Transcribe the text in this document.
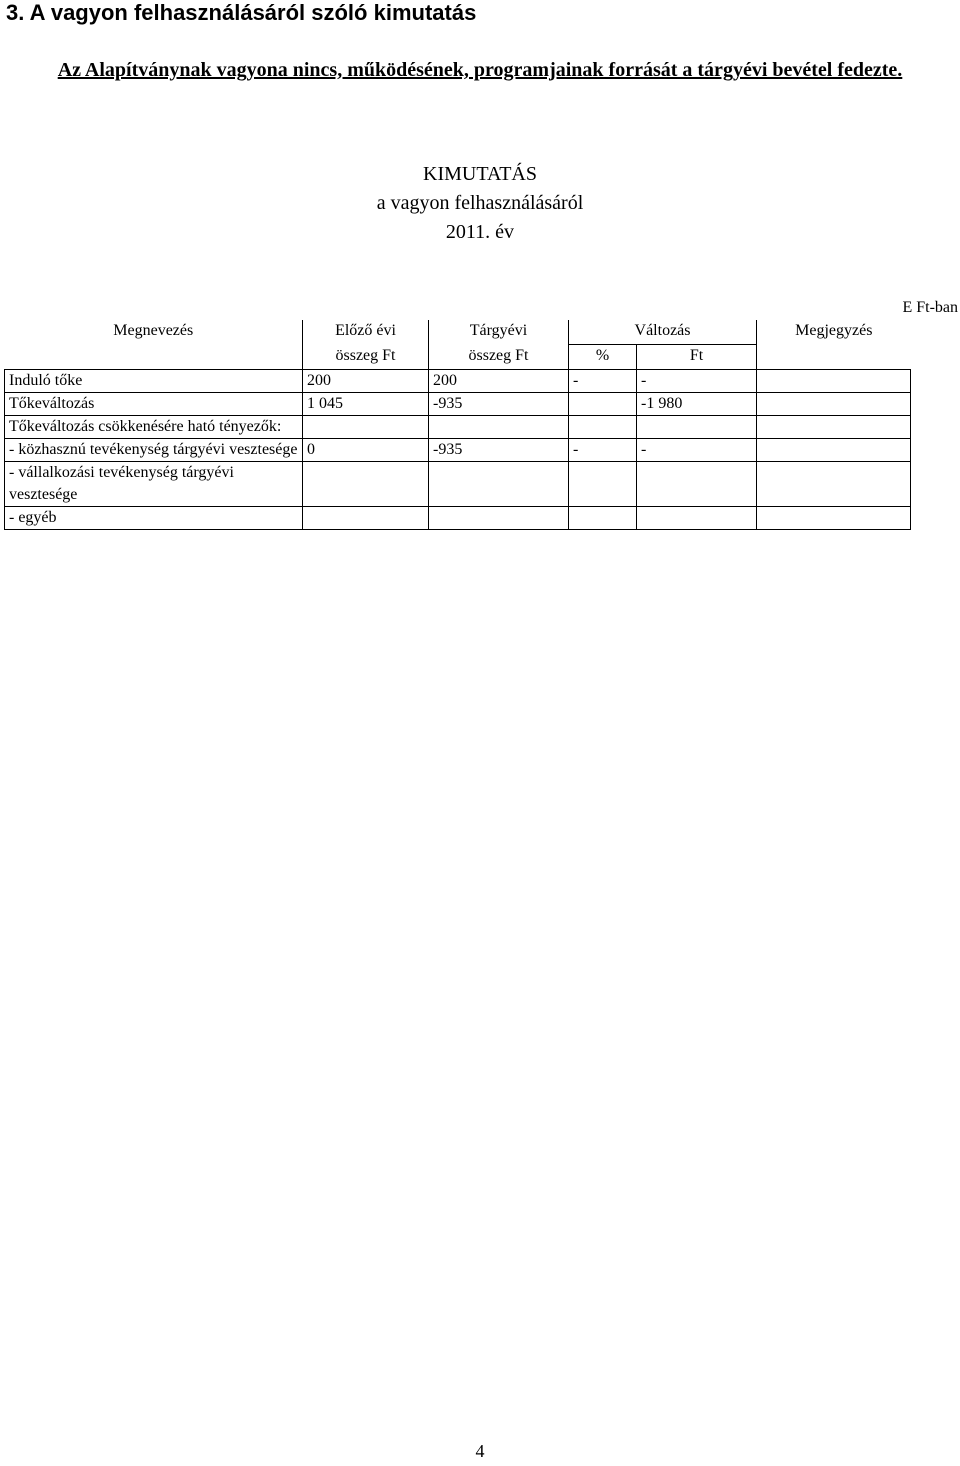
3. A vagyon felhasználásáról szóló kimutatás

Az Alapítványnak vagyona nincs, működésének, programjainak forrását a tárgyévi bevétel fedezte.

KIMUTATÁS
a vagyon felhasználásáról
2011. év
E Ft-ban
Megnevezés	Előző évi	Tárgyévi	Változás		Megjegyzés
	összeg Ft	összeg Ft	%	Ft	
Induló tőke	200	200	-	-	
Tőkeváltozás	1 045	-935		-1 980	
Tőkeváltozás csökkenésére ható tényezők:					
- közhasznú tevékenység tárgyévi vesztesége	0	-935	-	-	
- vállalkozási tevékenység tárgyévi vesztesége					
- egyéb					
4
